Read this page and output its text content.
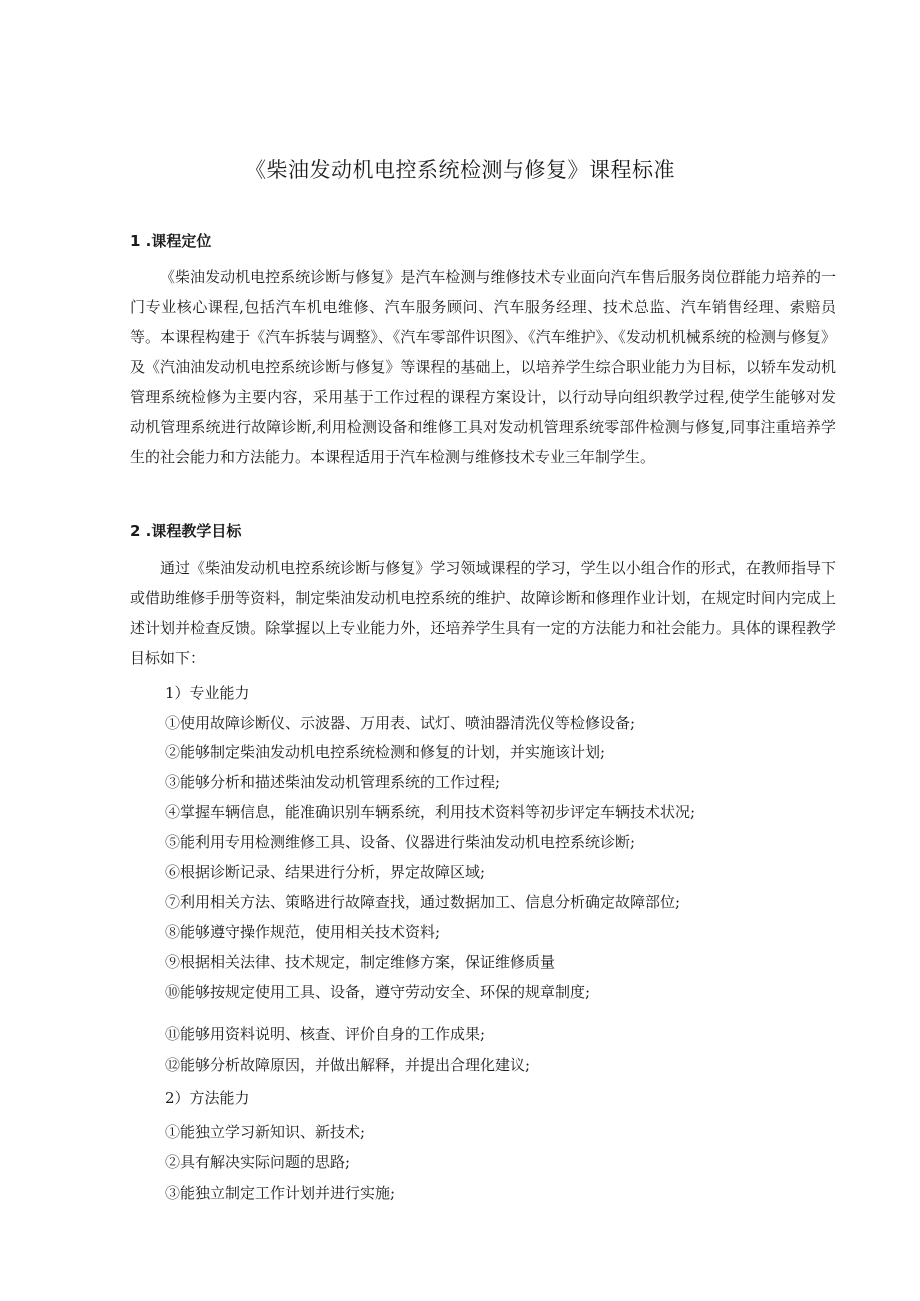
《柴油发动机电控系统检测与修复》课程标准
1 .课程定位

《柴油发动机电控系统诊断与修复》是汽车检测与维修技术专业面向汽车售后服务岗位群能力培养的一门专业核心课程,包括汽车机电维修、汽车服务顾问、汽车服务经理、技术总监、汽车销售经理、索赔员等。本课程构建于《汽车拆装与调整》、《汽车零部件识图》、《汽车维护》、《发动机机械系统的检测与修复》及《汽油油发动机电控系统诊断与修复》等课程的基础上，以培养学生综合职业能力为目标，以轿车发动机管理系统检修为主要内容，采用基于工作过程的课程方案设计，以行动导向组织教学过程,使学生能够对发动机管理系统进行故障诊断,利用检测设备和维修工具对发动机管理系统零部件检测与修复,同事注重培养学生的社会能力和方法能力。本课程适用于汽车检测与维修技术专业三年制学生。

2 .课程教学目标

通过《柴油发动机电控系统诊断与修复》学习领域课程的学习，学生以小组合作的形式，在教师指导下或借助维修手册等资料，制定柴油发动机电控系统的维护、故障诊断和修理作业计划，在规定时间内完成上述计划并检查反馈。除掌握以上专业能力外，还培养学生具有一定的方法能力和社会能力。具体的课程教学目标如下：

1）专业能力
①使用故障诊断仪、示波器、万用表、试灯、喷油器清洗仪等检修设备;
②能够制定柴油发动机电控系统检测和修复的计划，并实施该计划;
③能够分析和描述柴油发动机管理系统的工作过程;
④掌握车辆信息，能准确识别车辆系统，利用技术资料等初步评定车辆技术状况;
⑤能利用专用检测维修工具、设备、仪器进行柴油发动机电控系统诊断;
⑥根据诊断记录、结果进行分析，界定故障区域;
⑦利用相关方法、策略进行故障查找，通过数据加工、信息分析确定故障部位;
⑧能够遵守操作规范，使用相关技术资料;
⑨根据相关法律、技术规定，制定维修方案，保证维修质量
⑩能够按规定使用工具、设备，遵守劳动安全、环保的规章制度;
⑪能够用资料说明、核查、评价自身的工作成果;
⑫能够分析故障原因，并做出解释，并提出合理化建议;
2）方法能力
①能独立学习新知识、新技术;
②具有解决实际问题的思路;
③能独立制定工作计划并进行实施;
